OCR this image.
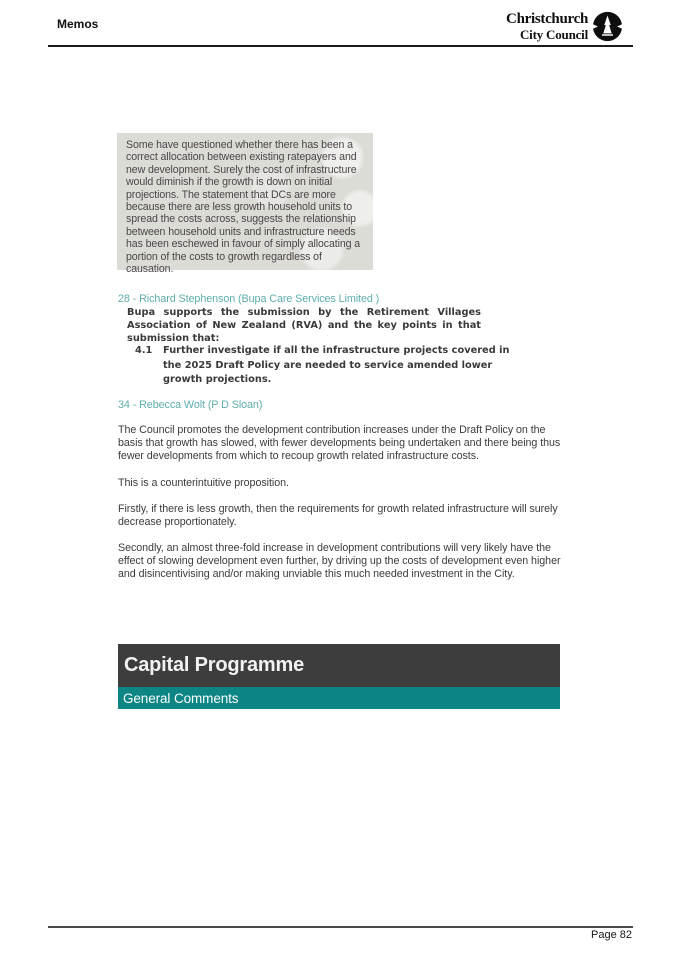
Memos	Christchurch
City Council
Some have questioned whether there has been a correct allocation between existing ratepayers and new development. Surely the cost of infrastructure would diminish if the growth is down on initial projections. The statement that DCs are more because there are less growth household units to spread the costs across, suggests the relationship between household units and infrastructure needs has been eschewed in favour of simply allocating a portion of the costs to growth regardless of causation.
28 - Richard Stephenson (Bupa Care Services Limited )
Bupa supports the submission by the Retirement Villages Association of New Zealand (RVA) and the key points in that submission that:
4.1	Further investigate if all the infrastructure projects covered in the 2025 Draft Policy are needed to service amended lower growth projections.
34 - Rebecca Wolt (P D Sloan)
The Council promotes the development contribution increases under the Draft Policy on the basis that growth has slowed, with fewer developments being undertaken and there being thus fewer developments from which to recoup growth related infrastructure costs.
This is a counterintuitive proposition.
Firstly, if there is less growth, then the requirements for growth related infrastructure will surely decrease proportionately.
Secondly, an almost three-fold increase in development contributions will very likely have the effect of slowing development even further, by driving up the costs of development even higher and disincentivising and/or making unviable this much needed investment in the City.
Capital Programme
General Comments
Page 82
